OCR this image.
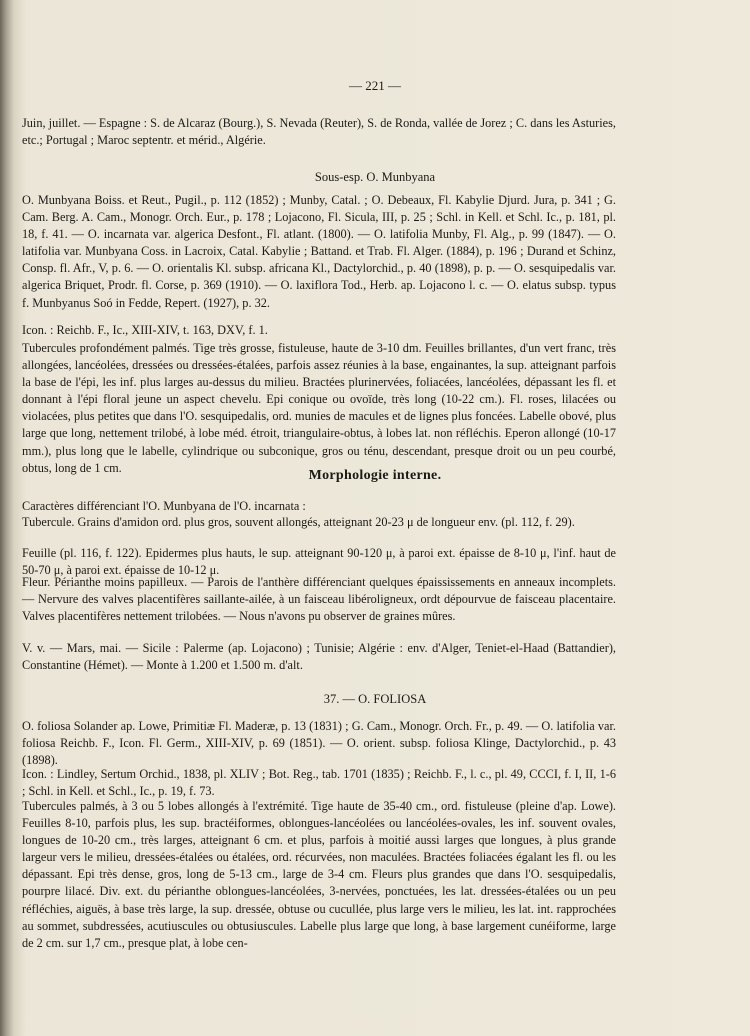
— 221 —
Juin, juillet. — Espagne : S. de Alcaraz (Bourg.), S. Nevada (Reuter), S. de Ronda, vallée de Jorez ; C. dans les Asturies, etc.; Portugal ; Maroc septentr. et mérid., Algérie.
Sous-esp. O. Munbyana
O. Munbyana Boiss. et Reut., Pugil., p. 112 (1852) ; Munby, Catal. ; O. Debeaux, Fl. Kabylie Djurd. Jura, p. 341 ; G. Cam. Berg. A. Cam., Monogr. Orch. Eur., p. 178 ; Lojacono, Fl. Sicula, III, p. 25 ; Schl. in Kell. et Schl. Ic., p. 181, pl. 18, f. 41. — O. incarnata var. algerica Desfont., Fl. atlant. (1800). — O. latifolia Munby, Fl. Alg., p. 99 (1847). — O. latifolia var. Munbyana Coss. in Lacroix, Catal. Kabylie ; Battand. et Trab. Fl. Alger. (1884), p. 196 ; Durand et Schinz, Consp. fl. Afr., V, p. 6. — O. orientalis Kl. subsp. africana Kl., Dactylorchid., p. 40 (1898), p. p. — O. sesquipedalis var. algerica Briquet, Prodr. fl. Corse, p. 369 (1910). — O. laxiflora Tod., Herb. ap. Lojacono l. c. — O. elatus subsp. typus f. Munbyanus Soó in Fedde, Repert. (1927), p. 32.
Icon. : Reichb. F., Ic., XIII-XIV, t. 163, DXV, f. 1.
Tubercules profondément palmés. Tige très grosse, fistuleuse, haute de 3-10 dm. Feuilles brillantes, d'un vert franc, très allongées, lancéolées, dressées ou dressées-étalées, parfois assez réunies à la base, engainantes, la sup. atteignant parfois la base de l'épi, les inf. plus larges au-dessus du milieu. Bractées plurinervées, foliacées, lancéolées, dépassant les fl. et donnant à l'épi floral jeune un aspect chevelu. Epi conique ou ovoïde, très long (10-22 cm.). Fl. roses, lilacées ou violacées, plus petites que dans l'O. sesquipedalis, ord. munies de macules et de lignes plus foncées. Labelle obové, plus large que long, nettement trilobé, à lobe méd. étroit, triangulaire-obtus, à lobes lat. non réfléchis. Eperon allongé (10-17 mm.), plus long que le labelle, cylindrique ou subconique, gros ou ténu, descendant, presque droit ou un peu courbé, obtus, long de 1 cm.
Morphologie interne.
Caractères différenciant l'O. Munbyana de l'O. incarnata :
Tubercule. Grains d'amidon ord. plus gros, souvent allongés, atteignant 20-23 μ de longueur env. (pl. 112, f. 29).
Feuille (pl. 116, f. 122). Epidermes plus hauts, le sup. atteignant 90-120 μ, à paroi ext. épaisse de 8-10 μ, l'inf. haut de 50-70 μ, à paroi ext. épaisse de 10-12 μ.
Fleur. Périanthe moins papilleux. — Parois de l'anthère différenciant quelques épaississements en anneaux incomplets. — Nervure des valves placentifères saillante-ailée, à un faisceau libéroligneux, ordt dépourvue de faisceau placentaire. Valves placentifères nettement trilobées. — Nous n'avons pu observer de graines mûres.
V. v. — Mars, mai. — Sicile : Palerme (ap. Lojacono) ; Tunisie; Algérie : env. d'Alger, Teniet-el-Haad (Battandier), Constantine (Hémet). — Monte à 1.200 et 1.500 m. d'alt.
37. — O. FOLIOSA
O. foliosa Solander ap. Lowe, Primitiæ Fl. Maderæ, p. 13 (1831) ; G. Cam., Monogr. Orch. Fr., p. 49. — O. latifolia var. foliosa Reichb. F., Icon. Fl. Germ., XIII-XIV, p. 69 (1851). — O. orient. subsp. foliosa Klinge, Dactylorchid., p. 43 (1898).
Icon. : Lindley, Sertum Orchid., 1838, pl. XLIV ; Bot. Reg., tab. 1701 (1835) ; Reichb. F., l. c., pl. 49, CCCI, f. I, II, 1-6 ; Schl. in Kell. et Schl., Ic., p. 19, f. 73.
Tubercules palmés, à 3 ou 5 lobes allongés à l'extrémité. Tige haute de 35-40 cm., ord. fistuleuse (pleine d'ap. Lowe). Feuilles 8-10, parfois plus, les sup. bractéiformes, oblongues-lancéolées ou lancéolées-ovales, les inf. souvent ovales, longues de 10-20 cm., très larges, atteignant 6 cm. et plus, parfois à moitié aussi larges que longues, à plus grande largeur vers le milieu, dressées-étalées ou étalées, ord. récurvées, non maculées. Bractées foliacées égalant les fl. ou les dépassant. Epi très dense, gros, long de 5-13 cm., large de 3-4 cm. Fleurs plus grandes que dans l'O. sesquipedalis, pourpre lilacé. Div. ext. du périanthe oblongues-lancéolées, 3-nervées, ponctuées, les lat. dressées-étalées ou un peu réfléchies, aiguës, à base très large, la sup. dressée, obtuse ou cucullée, plus large vers le milieu, les lat. int. rapprochées au sommet, subdressées, acutiuscules ou obtusiuscules. Labelle plus large que long, à base largement cunéiforme, large de 2 cm. sur 1,7 cm., presque plat, à lobe cen-
